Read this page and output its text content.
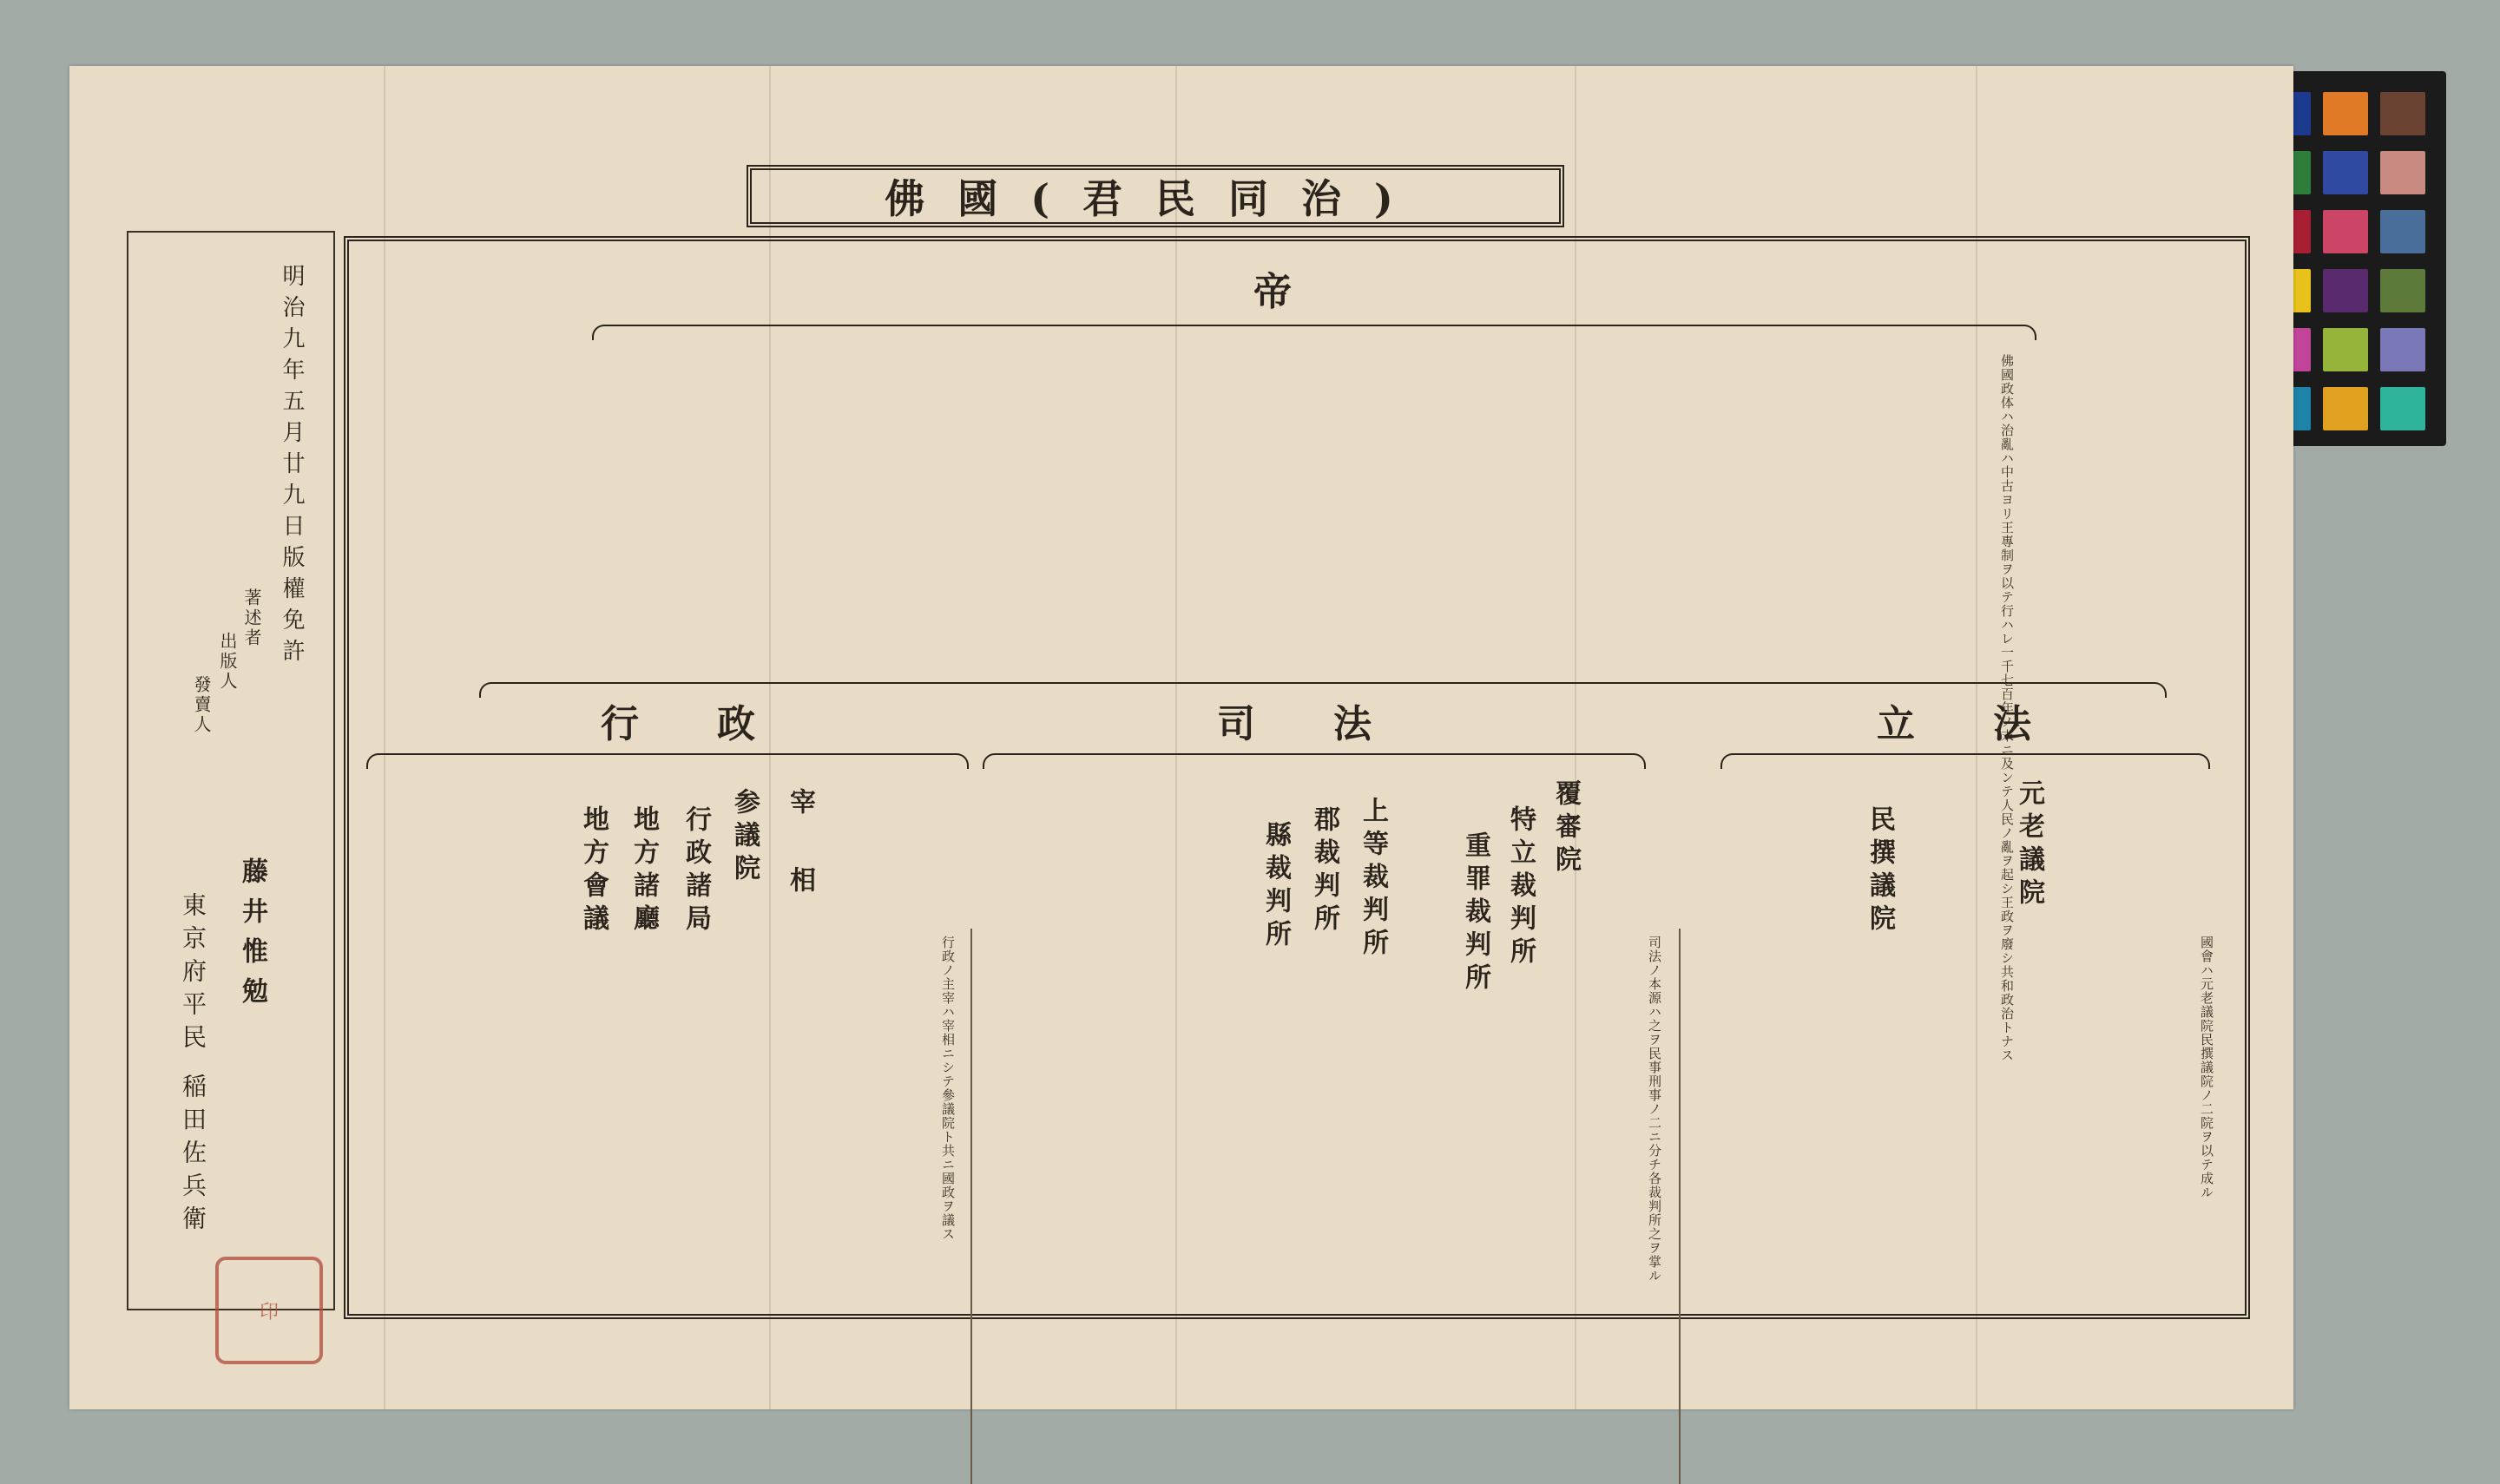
佛國(君民同治)
明治九年五月廿九日版權免許
著述者
出版人
發賣人
藤井惟勉
東京府平民 稲田佐兵衛
印
帝
佛國政体ハ治亂ハ中古ヨリ王專制ヲ以テ行ハレ一千七百年ノ末ニ及ンテ人民ノ亂ヲ起シ王政ヲ廢シ共和政治トナス
立法
司法
行政
元老議院
民撰議院
覆審院
特立裁判所
重罪裁判所
上等裁判所
郡裁判所
縣裁判所
宰相
参議院
行政諸局
地方諸廳
地方會議
國會ハ元老議院民撰議院ノ二院ヲ以テ成ル
司法ノ本源ハ之ヲ民事刑事ノ二ニ分チ各裁判所之ヲ掌ル
行政ノ主宰ハ宰相ニシテ參議院ト共ニ國政ヲ議ス
